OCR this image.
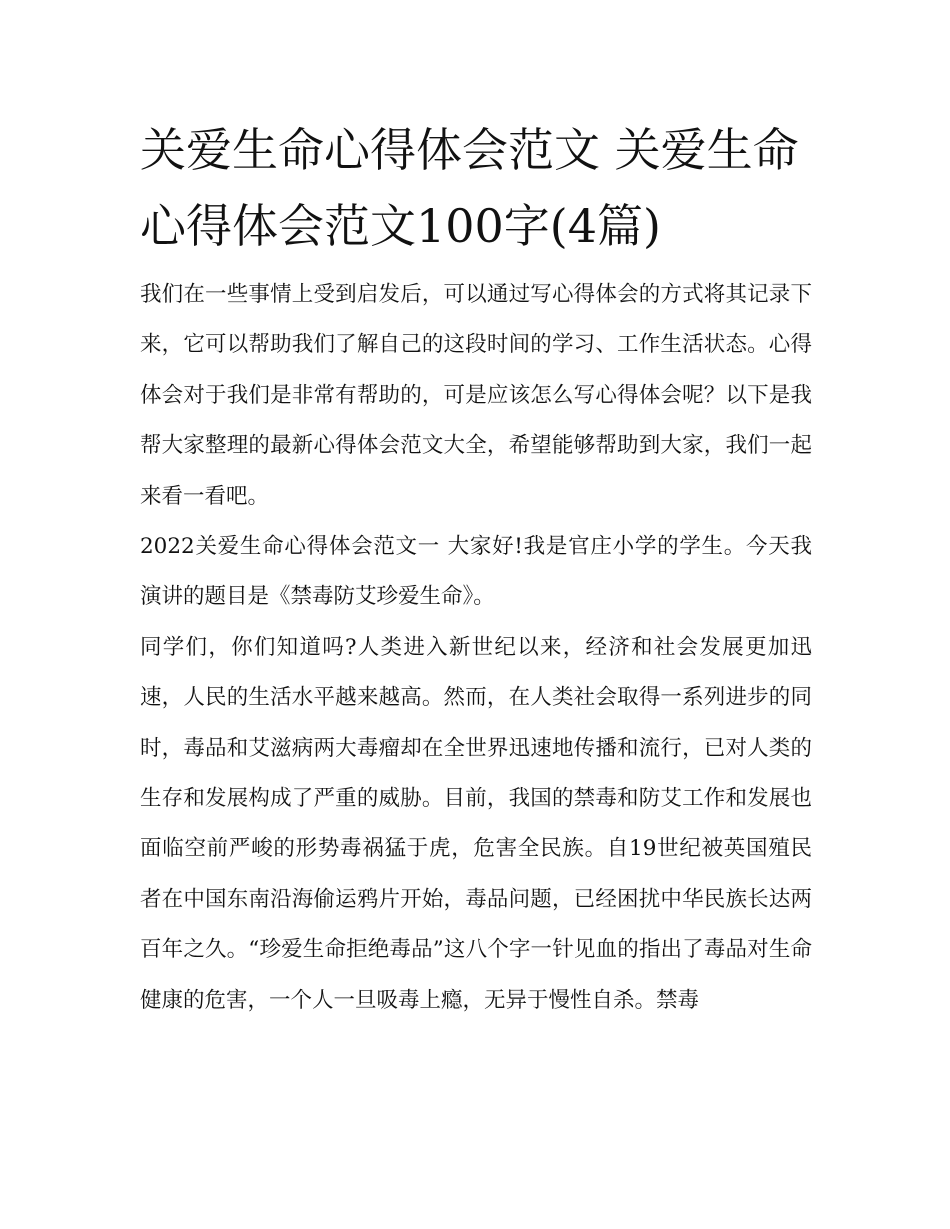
关爱生命心得体会范文 关爱生命心得体会范文100字(4篇)

我们在一些事情上受到启发后，可以通过写心得体会的方式将其记录下来，它可以帮助我们了解自己的这段时间的学习、工作生活状态。心得体会对于我们是非常有帮助的，可是应该怎么写心得体会呢？以下是我帮大家整理的最新心得体会范文大全，希望能够帮助到大家，我们一起来看一看吧。

2022关爱生命心得体会范文一 大家好!我是官庄小学的学生。今天我演讲的题目是《禁毒防艾珍爱生命》。

同学们，你们知道吗?人类进入新世纪以来，经济和社会发展更加迅速，人民的生活水平越来越高。然而，在人类社会取得一系列进步的同时，毒品和艾滋病两大毒瘤却在全世界迅速地传播和流行，已对人类的生存和发展构成了严重的威胁。目前，我国的禁毒和防艾工作和发展也面临空前严峻的形势毒祸猛于虎，危害全民族。自19世纪被英国殖民者在中国东南沿海偷运鸦片开始，毒品问题，已经困扰中华民族长达两百年之久。“珍爱生命拒绝毒品”这八个字一针见血的指出了毒品对生命健康的危害，一个人一旦吸毒上瘾，无异于慢性自杀。禁毒
